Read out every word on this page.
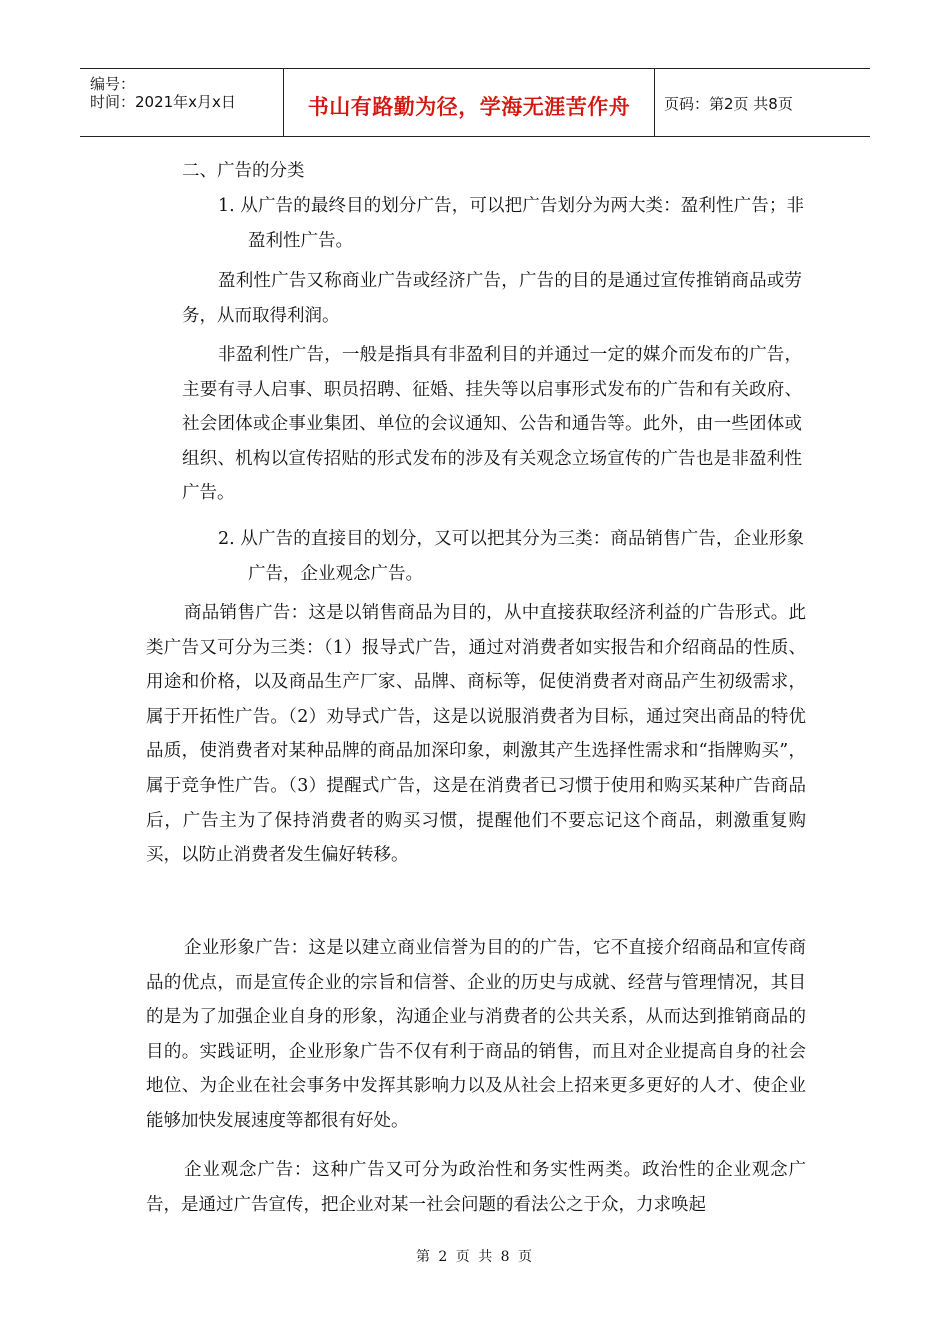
编号：
时间：2021年x月x日	书山有路勤为径，学海无涯苦作舟	页码：第2页 共8页

二、广告的分类

1. 从广告的最终目的划分广告，可以把广告划分为两大类：盈利性广告；非盈利性广告。

盈利性广告又称商业广告或经济广告，广告的目的是通过宣传推销商品或劳务，从而取得利润。

非盈利性广告，一般是指具有非盈利目的并通过一定的媒介而发布的广告，主要有寻人启事、职员招聘、征婚、挂失等以启事形式发布的广告和有关政府、社会团体或企事业集团、单位的会议通知、公告和通告等。此外，由一些团体或组织、机构以宣传招贴的形式发布的涉及有关观念立场宣传的广告也是非盈利性广告。

2. 从广告的直接目的划分，又可以把其分为三类：商品销售广告，企业形象广告，企业观念广告。

商品销售广告：这是以销售商品为目的，从中直接获取经济利益的广告形式。此类广告又可分为三类：（1）报导式广告，通过对消费者如实报告和介绍商品的性质、用途和价格，以及商品生产厂家、品牌、商标等，促使消费者对商品产生初级需求，属于开拓性广告。（2）劝导式广告，这是以说服消费者为目标，通过突出商品的特优品质，使消费者对某种品牌的商品加深印象，刺激其产生选择性需求和“指牌购买”，属于竞争性广告。（3）提醒式广告，这是在消费者已习惯于使用和购买某种广告商品后，广告主为了保持消费者的购买习惯，提醒他们不要忘记这个商品，刺激重复购买，以防止消费者发生偏好转移。

企业形象广告：这是以建立商业信誉为目的的广告，它不直接介绍商品和宣传商品的优点，而是宣传企业的宗旨和信誉、企业的历史与成就、经营与管理情况，其目的是为了加强企业自身的形象，沟通企业与消费者的公共关系，从而达到推销商品的目的。实践证明，企业形象广告不仅有利于商品的销售，而且对企业提高自身的社会地位、为企业在社会事务中发挥其影响力以及从社会上招来更多更好的人才、使企业能够加快发展速度等都很有好处。

企业观念广告：这种广告又可分为政治性和务实性两类。政治性的企业观念广告，是通过广告宣传，把企业对某一社会问题的看法公之于众，力求唤起

第 2 页 共 8 页
